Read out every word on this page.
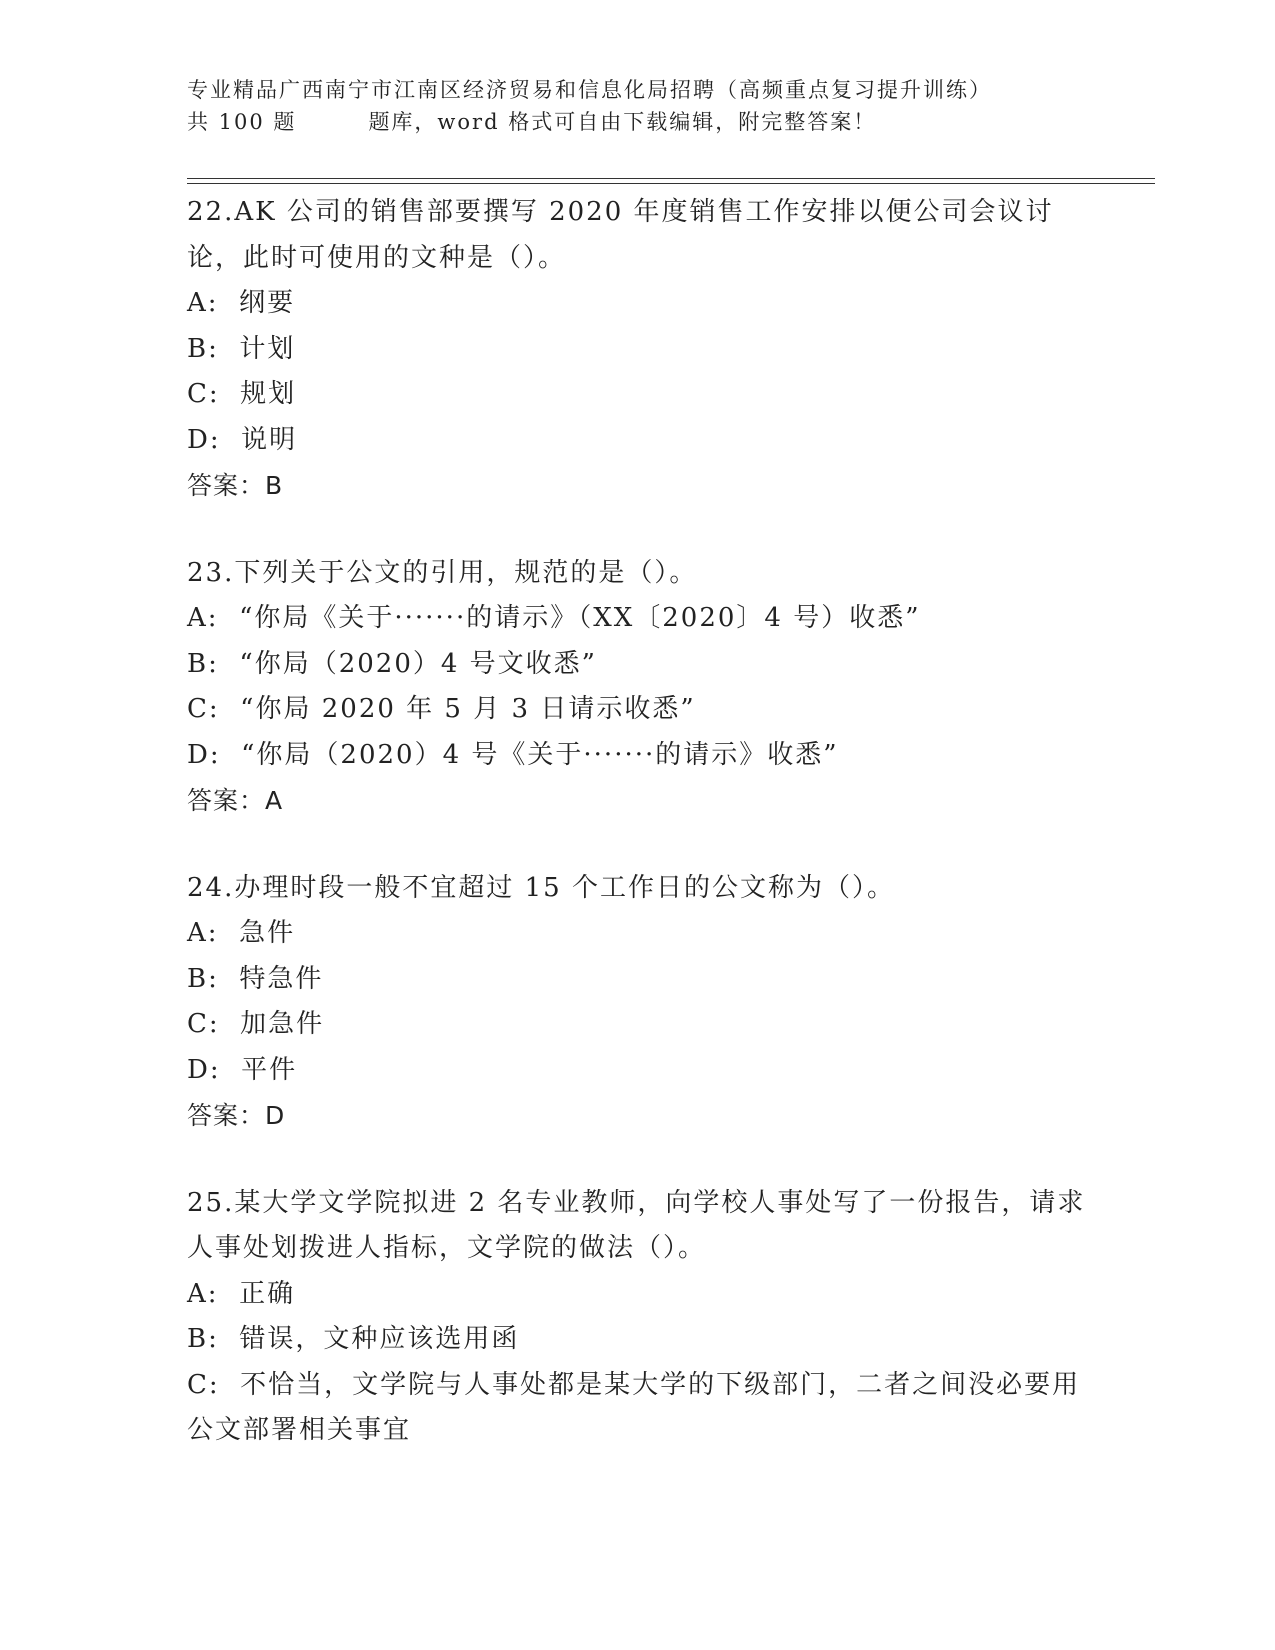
专业精品广西南宁市江南区经济贸易和信息化局招聘（高频重点复习提升训练）
共 100 题	题库，word 格式可自由下载编辑，附完整答案！
22.AK 公司的销售部要撰写 2020 年度销售工作安排以便公司会议讨论，此时可使用的文种是（）。
A:  纲要
B:  计划
C:  规划
D:  说明
答案：B
23.下列关于公文的引用，规范的是（）。
A:  “你局《关于·······的请示》（XX〔2020〕4 号）收悉”
B:  “你局（2020）4 号文收悉”
C:  “你局 2020 年 5 月 3 日请示收悉”
D:  “你局（2020）4 号《关于·······的请示》收悉”
答案：A
24.办理时段一般不宜超过 15 个工作日的公文称为（）。
A:  急件
B:  特急件
C:  加急件
D:  平件
答案：D
25.某大学文学院拟进 2 名专业教师，向学校人事处写了一份报告，请求人事处划拨进人指标，文学院的做法（）。
A:  正确
B:  错误，文种应该选用函
C:  不恰当，文学院与人事处都是某大学的下级部门，二者之间没必要用公文部署相关事宜
